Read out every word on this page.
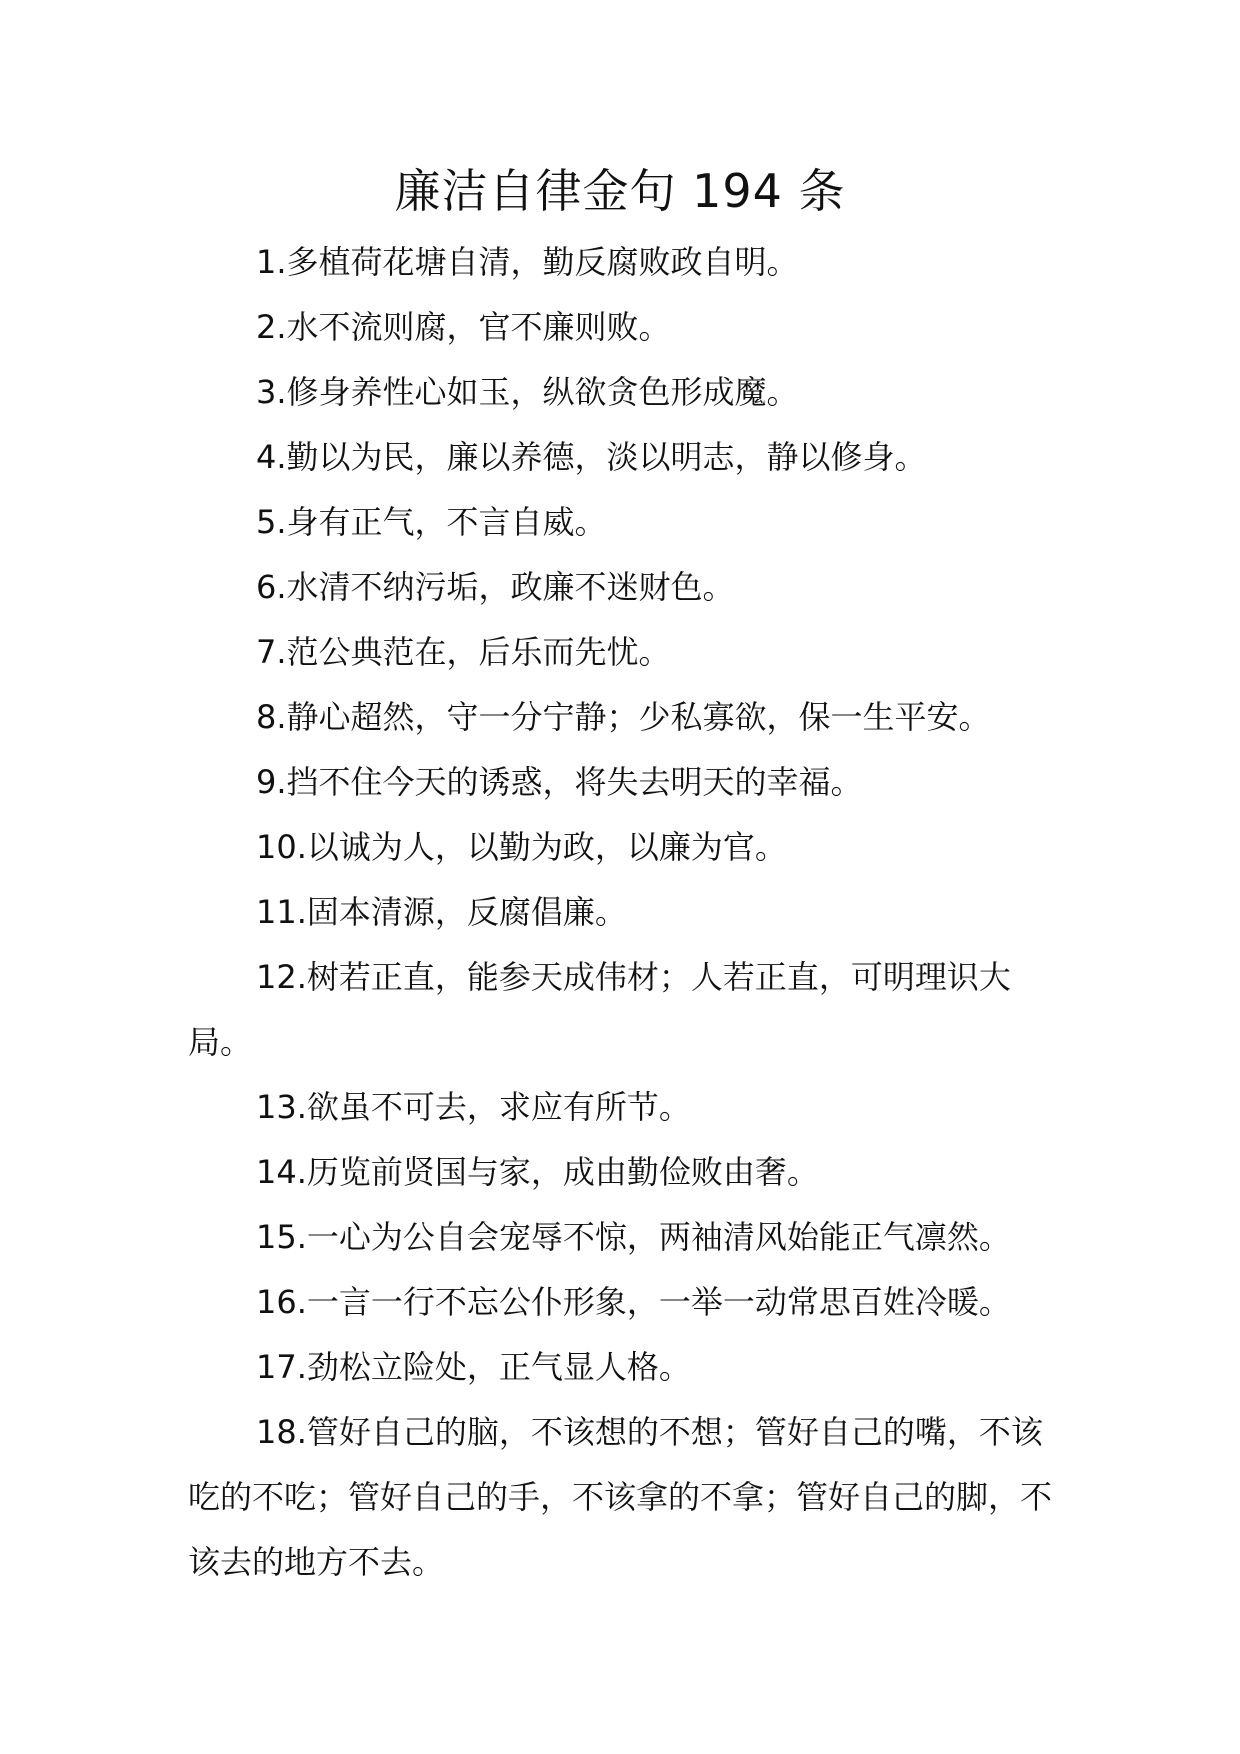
廉洁自律金句 194 条
1.多植荷花塘自清，勤反腐败政自明。
2.水不流则腐，官不廉则败。
3.修身养性心如玉，纵欲贪色形成魔。
4.勤以为民，廉以养德，淡以明志，静以修身。
5.身有正气，不言自威。
6.水清不纳污垢，政廉不迷财色。
7.范公典范在，后乐而先忧。
8.静心超然，守一分宁静；少私寡欲，保一生平安。
9.挡不住今天的诱惑，将失去明天的幸福。
10.以诚为人，以勤为政，以廉为官。
11.固本清源，反腐倡廉。
12.树若正直，能参天成伟材；人若正直，可明理识大局。
13.欲虽不可去，求应有所节。
14.历览前贤国与家，成由勤俭败由奢。
15.一心为公自会宠辱不惊，两袖清风始能正气凛然。
16.一言一行不忘公仆形象，一举一动常思百姓冷暖。
17.劲松立险处，正气显人格。
18.管好自己的脑，不该想的不想；管好自己的嘴，不该吃的不吃；管好自己的手，不该拿的不拿；管好自己的脚，不该去的地方不去。
